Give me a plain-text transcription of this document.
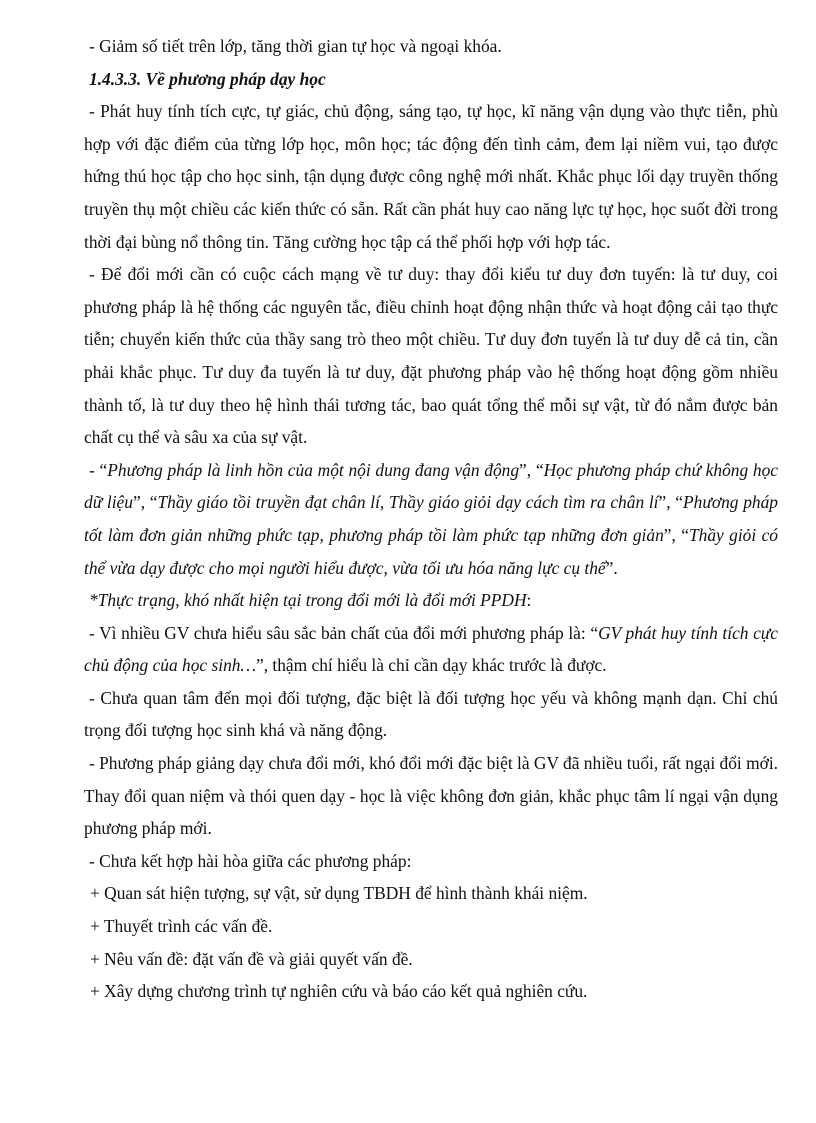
- Giảm số tiết trên lớp, tăng thời gian tự học và ngoại khóa.

1.4.3.3. Về phương pháp dạy học

- Phát huy tính tích cực, tự giác, chủ động, sáng tạo, tự học, kĩ năng vận dụng vào thực tiễn, phù hợp với đặc điểm của từng lớp học, môn học; tác động đến tình cảm, đem lại niềm vui, tạo được hứng thú học tập cho học sinh, tận dụng được công nghệ mới nhất. Khắc phục lối dạy truyền thống truyền thụ một chiều các kiến thức có sẵn. Rất cần phát huy cao năng lực tự học, học suốt đời trong thời đại bùng nổ thông tin. Tăng cường học tập cá thể phối hợp với hợp tác.

- Để đổi mới cần có cuộc cách mạng về tư duy: thay đổi kiểu tư duy đơn tuyến: là tư duy, coi phương pháp là hệ thống các nguyên tắc, điều chỉnh hoạt động nhận thức và hoạt động cải tạo thực tiễn; chuyển kiến thức của thầy sang trò theo một chiều. Tư duy đơn tuyến là tư duy dễ cả tin, cần phải khắc phục. Tư duy đa tuyến là tư duy, đặt phương pháp vào hệ thống hoạt động gồm nhiều thành tố, là tư duy theo hệ hình thái tương tác, bao quát tổng thể mỗi sự vật, từ đó nắm được bản chất cụ thể và sâu xa của sự vật.

- “Phương pháp là linh hồn của một nội dung đang vận động”, “Học phương pháp chứ không học dữ liệu”, “Thầy giáo tồi truyền đạt chân lí, Thầy giáo giỏi dạy cách tìm ra chân lí”, “Phương pháp tốt làm đơn giản những phức tạp, phương pháp tồi làm phức tạp những đơn giản”, “Thầy giỏi có thể vừa dạy được cho mọi người hiểu được, vừa tối ưu hóa năng lực cụ thể”.

*Thực trạng, khó nhất hiện tại trong đổi mới là đổi mới PPDH:

- Vì nhiều GV chưa hiểu sâu sắc bản chất của đổi mới phương pháp là: “GV phát huy tính tích cực chủ động của học sinh…”, thậm chí hiểu là chỉ cần dạy khác trước là được.

- Chưa quan tâm đến mọi đối tượng, đặc biệt là đối tượng học yếu và không mạnh dạn. Chỉ chú trọng đối tượng học sinh khá và năng động.

- Phương pháp giảng dạy chưa đổi mới, khó đổi mới đặc biệt là GV đã nhiều tuổi, rất ngại đổi mới. Thay đổi quan niệm và thói quen dạy - học là việc không đơn giản, khắc phục tâm lí ngại vận dụng phương pháp mới.

- Chưa kết hợp hài hòa giữa các phương pháp:

+ Quan sát hiện tượng, sự vật, sử dụng TBDH để hình thành khái niệm.

+ Thuyết trình các vấn đề.

+ Nêu vấn đề: đặt vấn đề và giải quyết vấn đề.

+ Xây dựng chương trình tự nghiên cứu và báo cáo kết quả nghiên cứu.
